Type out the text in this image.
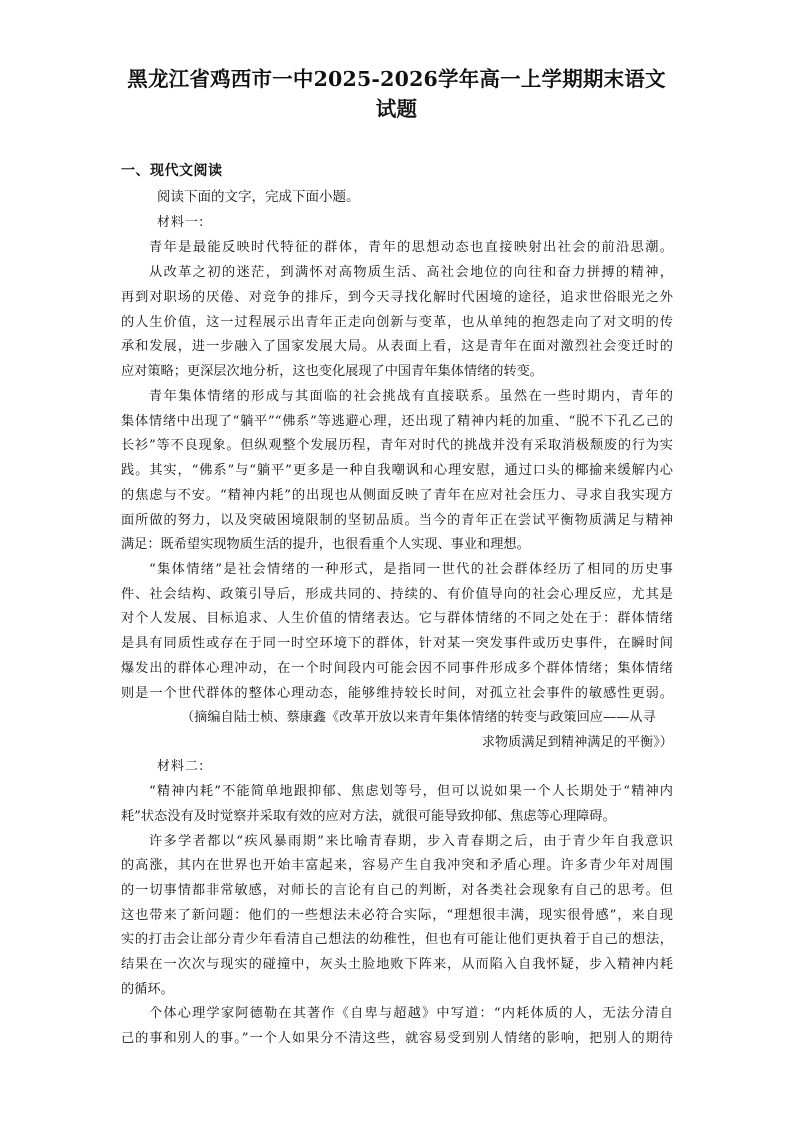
黑龙江省鸡西市一中2025-2026学年高一上学期期末语文
试题
一、现代文阅读
阅读下面的文字，完成下面小题。
材料一:
青年是最能反映时代特征的群体，青年的思想动态也直接映射出社会的前沿思潮。
从改革之初的迷茫，到满怀对高物质生活、高社会地位的向往和奋力拼搏的精神，
再到对职场的厌倦、对竞争的排斥，到今天寻找化解时代困境的途径，追求世俗眼光之外
的人生价值，这一过程展示出青年正走向创新与变革，也从单纯的抱怨走向了对文明的传
承和发展，进一步融入了国家发展大局。从表面上看，这是青年在面对激烈社会变迁时的
应对策略；更深层次地分析，这也变化展现了中国青年集体情绪的转变。
青年集体情绪的形成与其面临的社会挑战有直接联系。虽然在一些时期内，青年的
集体情绪中出现了“躺平”“佛系”等逃避心理，还出现了精神内耗的加重、“脱不下孔乙己的
长衫”等不良现象。但纵观整个发展历程，青年对时代的挑战并没有采取消极颓废的行为实
践。其实，“佛系”与“躺平”更多是一种自我嘲讽和心理安慰，通过口头的椰揄来缓解内心
的焦虑与不安。“精神内耗”的出现也从侧面反映了青年在应对社会压力、寻求自我实现方
面所做的努力，以及突破困境限制的坚韧品质。当今的青年正在尝试平衡物质满足与精神
满足：既希望实现物质生活的提升，也很看重个人实现、事业和理想。
“集体情绪”是社会情绪的一种形式，是指同一世代的社会群体经历了相同的历史事
件、社会结构、政策引导后，形成共同的、持续的、有价值导向的社会心理反应，尤其是
对个人发展、目标追求、人生价值的情绪表达。它与群体情绪的不同之处在于：群体情绪
是具有同质性或存在于同一时空环境下的群体，针对某一突发事件或历史事件，在瞬时间
爆发出的群体心理冲动，在一个时间段内可能会因不同事件形成多个群体情绪；集体情绪
则是一个世代群体的整体心理动态，能够维持较长时间，对孤立社会事件的敏感性更弱。
（摘编自陆士桢、蔡康鑫《改革开放以来青年集体情绪的转变与政策回应——从寻
求物质满足到精神满足的平衡》）
材料二:
“精神内耗”不能简单地跟抑郁、焦虑划等号，但可以说如果一个人长期处于“精神内
耗”状态没有及时觉察并采取有效的应对方法，就很可能导致抑郁、焦虑等心理障碍。
许多学者都以“疾风暴雨期”来比喻青春期，步入青春期之后，由于青少年自我意识
的高涨，其内在世界也开始丰富起来，容易产生自我冲突和矛盾心理。许多青少年对周围
的一切事情都非常敏感，对师长的言论有自己的判断，对各类社会现象有自己的思考。但
这也带来了新问题：他们的一些想法未必符合实际，“理想很丰满，现实很骨感”，来自现
实的打击会让部分青少年看清自己想法的幼稚性，但也有可能让他们更执着于自己的想法，
结果在一次次与现实的碰撞中，灰头土脸地败下阵来，从而陷入自我怀疑，步入精神内耗
的循环。
个体心理学家阿德勒在其著作《自卑与超越》中写道：“内耗体质的人，无法分清自
己的事和别人的事。”一个人如果分不清这些，就容易受到别人情绪的影响，把别人的期待
